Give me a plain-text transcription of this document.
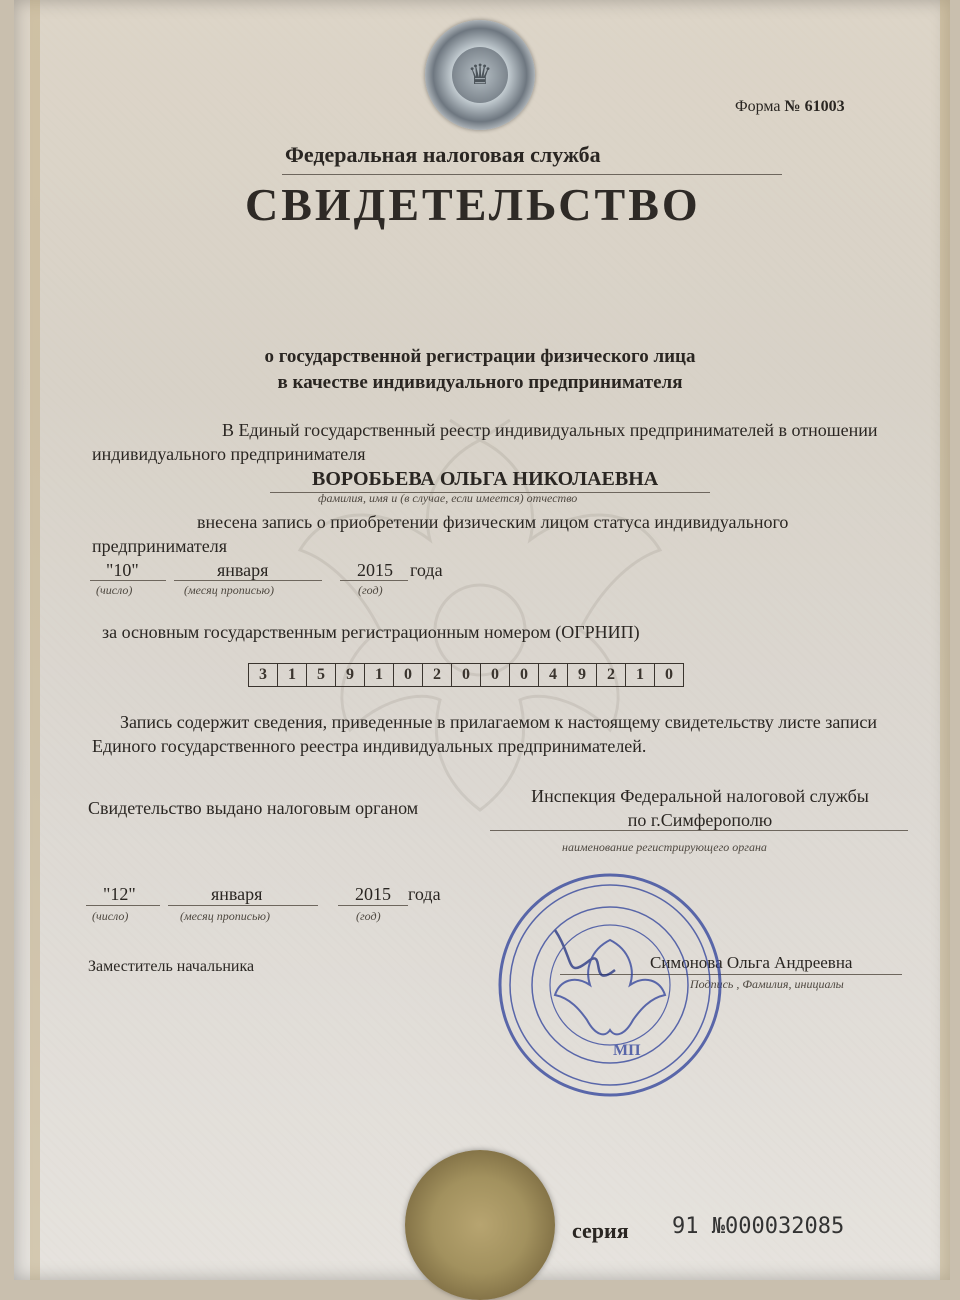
♛
Форма № 61003
Федеральная налоговая служба
СВИДЕТЕЛЬСТВО
о государственной регистрации физического лица
в качестве индивидуального предпринимателя
В Единый государственный реестр индивидуальных предпринимателей в отношении индивидуального предпринимателя
ВОРОБЬЕВА ОЛЬГА НИКОЛАЕВНА
фамилия, имя и (в случае, если имеется) отчество
внесена запись о приобретении физическим лицом статуса индивидуального предпринимателя
"10"	января	2015 года
(число)	(месяц прописью)	(год)
за основным государственным регистрационным номером (ОГРНИП)
3	1	5	9	1	0	2	0	0	0	4	9	2	1	0
Запись содержит сведения, приведенные в прилагаемом к настоящему свидетельству листе записи Единого государственного реестра индивидуальных предпринимателей.
Свидетельство выдано налоговым органом
Инспекция Федеральной налоговой службы
по г.Симферополю
наименование регистрирующего органа
"12"	января	2015 года
(число)	(месяц прописью)	(год)
Заместитель начальника	Симонова Ольга Андреевна
Подпись , Фамилия, инициалы
МП
серия 91 №000032085
